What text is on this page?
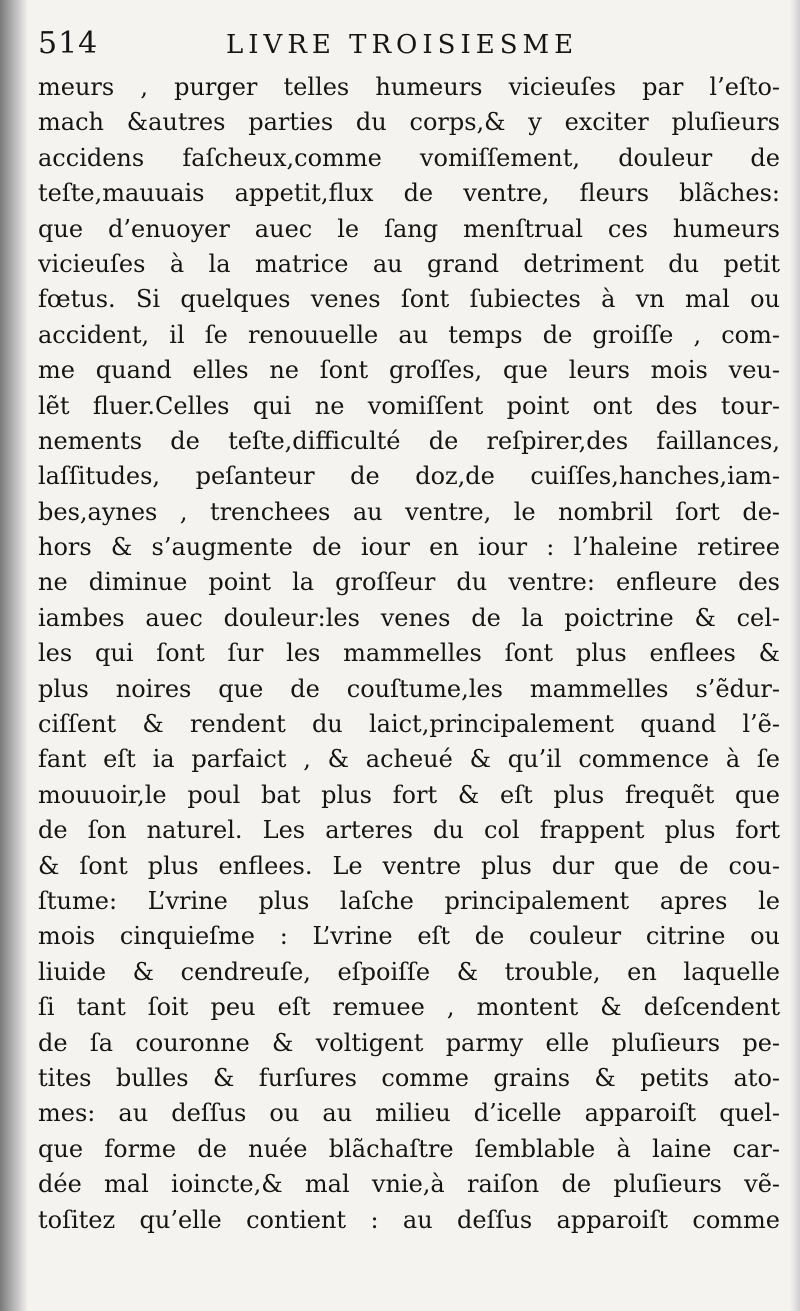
514	LIVRE TROISIESME
meurs , purger telles humeurs vicieuſes par l’eſto-
mach &autres parties du corps,& y exciter pluſieurs
accidens faſcheux,comme vomiſſement, douleur de
teſte,mauuais appetit,flux de ventre, fleurs blãches:
que d’enuoyer auec le ſang menſtrual ces humeurs
vicieuſes à la matrice au grand detriment du petit
fœtus. Si quelques venes ſont ſubiectes à vn mal ou
accident, il ſe renouuelle au temps de groiſſe , com-
me quand elles ne ſont groſſes, que leurs mois veu-
lẽt fluer.Celles qui ne vomiſſent point ont des tour-
nements de teſte,difficulté de reſpirer,des faillances,
laſſitudes, peſanteur de doz,de cuiſſes,hanches,iam-
bes,aynes , trenchees au ventre, le nombril ſort de-
hors & s’augmente de iour en iour : l’haleine retiree
ne diminue point la groſſeur du ventre: enfleure des
iambes auec douleur:les venes de la poictrine & cel-
les qui ſont ſur les mammelles ſont plus enflees &
plus noires que de couſtume,les mammelles s’ẽdur-
ciſſent & rendent du laict,principalement quand l’ẽ-
fant eſt ia parfaict , & acheué & qu’il commence à ſe
mouuoir,le poul bat plus fort & eſt plus frequẽt que
de ſon naturel. Les arteres du col frappent plus fort
& ſont plus enflees. Le ventre plus dur que de cou-
ſtume: L’vrine plus laſche principalement apres le
mois cinquieſme : L’vrine eſt de couleur citrine ou
liuide & cendreuſe, eſpoiſſe & trouble, en laquelle
ſi tant ſoit peu eſt remuee , montent & deſcendent
de ſa couronne & voltigent parmy elle pluſieurs pe-
tites bulles & furſures comme grains & petits ato-
mes: au deſſus ou au milieu d’icelle apparoiſt quel-
que forme de nuée blãchaſtre ſemblable à laine car-
dée mal ioincte,& mal vnie,à raiſon de pluſieurs vẽ-
toſitez qu’elle contient : au deſſus apparoiſt comme
